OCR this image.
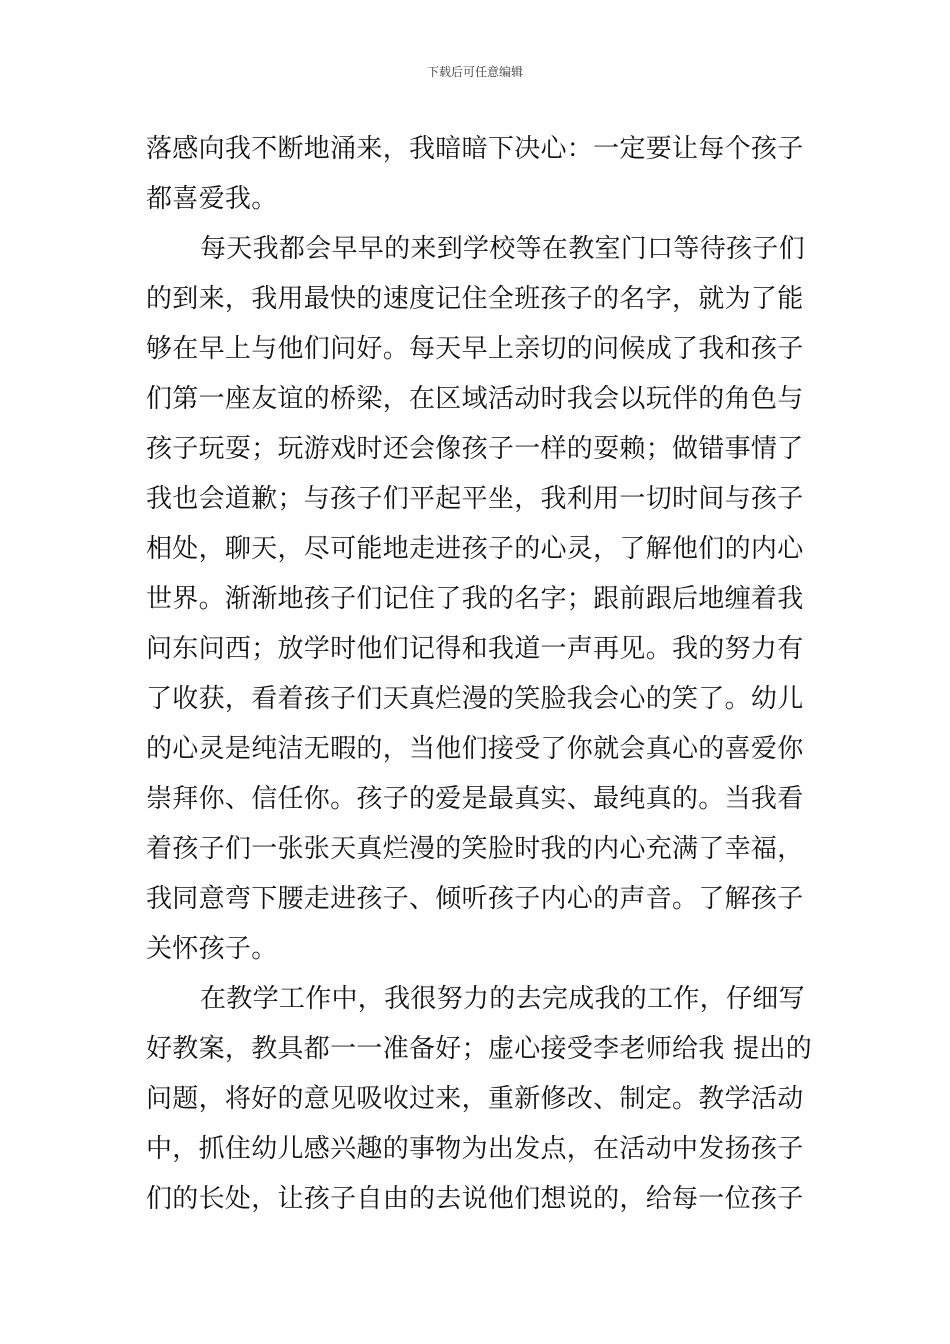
下载后可任意编辑
落感向我不断地涌来，我暗暗下决心：一定要让每个孩子
都喜爱我。
每天我都会早早的来到学校等在教室门口等待孩子们
的到来，我用最快的速度记住全班孩子的名字，就为了能
够在早上与他们问好。每天早上亲切的问候成了我和孩子
们第一座友谊的桥梁，在区域活动时我会以玩伴的角色与
孩子玩耍；玩游戏时还会像孩子一样的耍赖；做错事情了
我也会道歉；与孩子们平起平坐，我利用一切时间与孩子
相处，聊天，尽可能地走进孩子的心灵，了解他们的内心
世界。渐渐地孩子们记住了我的名字；跟前跟后地缠着我
问东问西；放学时他们记得和我道一声再见。我的努力有
了收获，看着孩子们天真烂漫的笑脸我会心的笑了。幼儿
的心灵是纯洁无暇的，当他们接受了你就会真心的喜爱你
崇拜你、信任你。孩子的爱是最真实、最纯真的。当我看
着孩子们一张张天真烂漫的笑脸时我的内心充满了幸福，
我同意弯下腰走进孩子、倾听孩子内心的声音。了解孩子
关怀孩子。
在教学工作中，我很努力的去完成我的工作，仔细写
好教案，教具都一一准备好；虚心接受李老师给我 提出的
问题，将好的意见吸收过来，重新修改、制定。教学活动
中，抓住幼儿感兴趣的事物为出发点，在活动中发扬孩子
们的长处，让孩子自由的去说他们想说的，给每一位孩子
